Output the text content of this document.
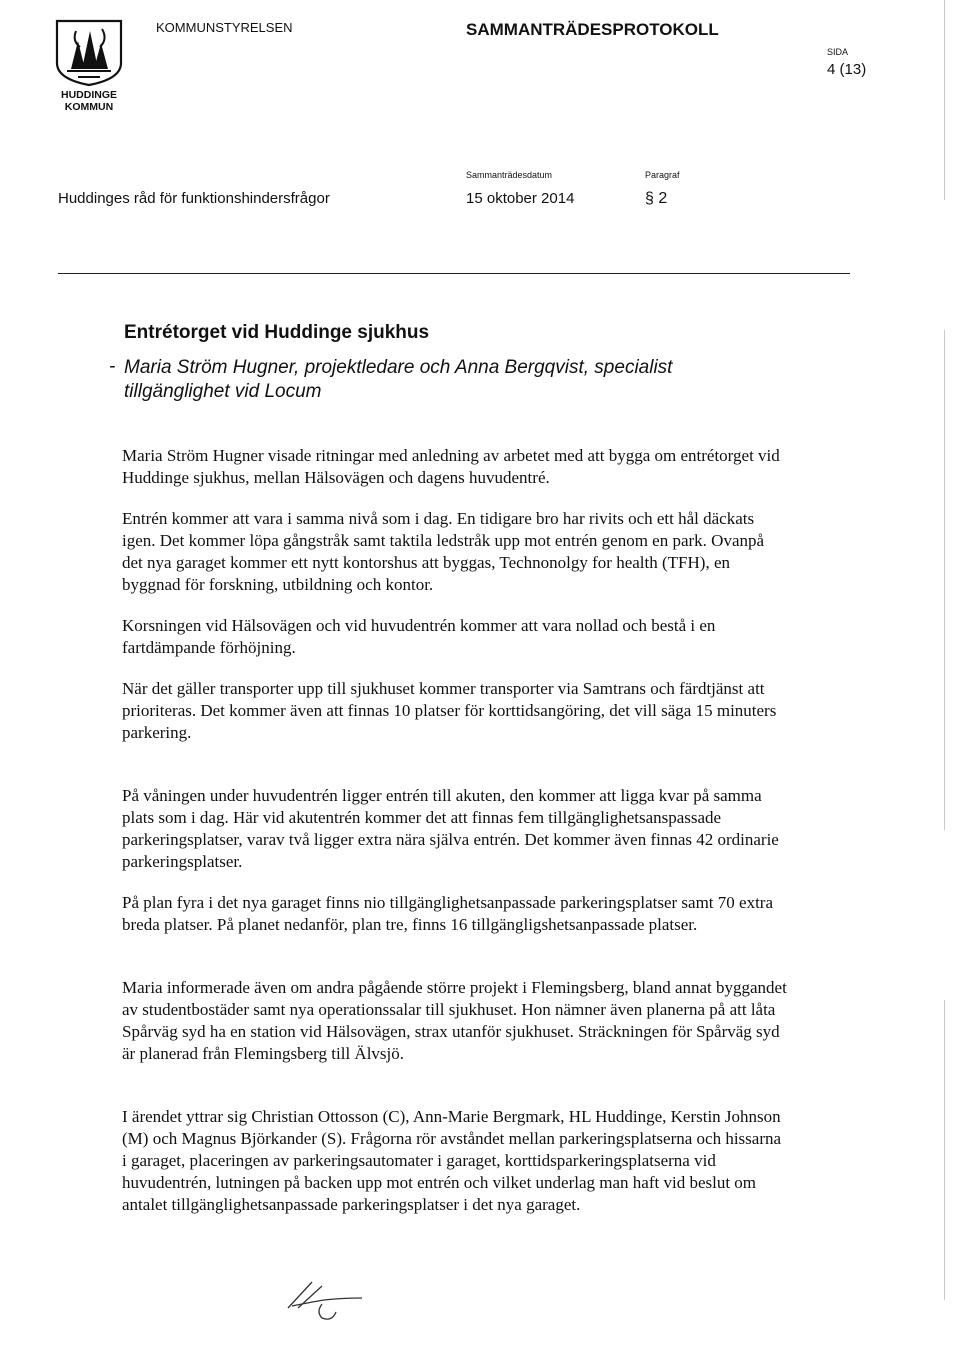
HUDDINGE
KOMMUN
KOMMUNSTYRELSEN	SAMMANTRÄDESPROTOKOLL
SIDA
4 (13)
Huddinges råd för funktionshindersfrågor
Sammanträdesdatum
15 oktober 2014
Paragraf
§ 2
Entrétorget vid Huddinge sjukhus
- Maria Ström Hugner, projektledare och Anna Bergqvist, specialist tillgänglighet vid Locum

Maria Ström Hugner visade ritningar med anledning av arbetet med att bygga om entrétorget vid Huddinge sjukhus, mellan Hälsovägen och dagens huvudentré.

Entrén kommer att vara i samma nivå som i dag. En tidigare bro har rivits och ett hål däckats igen. Det kommer löpa gångstråk samt taktila ledstråk upp mot entrén genom en park. Ovanpå det nya garaget kommer ett nytt kontorshus att byggas, Technonolgy for health (TFH), en byggnad för forskning, utbildning och kontor.

Korsningen vid Hälsovägen och vid huvudentrén kommer att vara nollad och bestå i en fartdämpande förhöjning.

När det gäller transporter upp till sjukhuset kommer transporter via Samtrans och färdtjänst att prioriteras. Det kommer även att finnas 10 platser för korttidsangöring, det vill säga 15 minuters parkering.

På våningen under huvudentrén ligger entrén till akuten, den kommer att ligga kvar på samma plats som i dag. Här vid akutentrén kommer det att finnas fem tillgänglighetsanspassade parkeringsplatser, varav två ligger extra nära själva entrén. Det kommer även finnas 42 ordinarie parkeringsplatser.

På plan fyra i det nya garaget finns nio tillgänglighetsanpassade parkeringsplatser samt 70 extra breda platser. På planet nedanför, plan tre, finns 16 tillgängligshetsanpassade platser.

Maria informerade även om andra pågående större projekt i Flemingsberg, bland annat byggandet av studentbostäder samt nya operationssalar till sjukhuset. Hon nämner även planerna på att låta Spårväg syd ha en station vid Hälsovägen, strax utanför sjukhuset. Sträckningen för Spårväg syd är planerad från Flemingsberg till Älvsjö.

I ärendet yttrar sig Christian Ottosson (C), Ann-Marie Bergmark, HL Huddinge, Kerstin Johnson (M) och Magnus Björkander (S). Frågorna rör avståndet mellan parkeringsplatserna och hissarna i garaget, placeringen av parkeringsautomater i garaget, korttidsparkeringsplatserna vid huvudentrén, lutningen på backen upp mot entrén och vilket underlag man haft vid beslut om antalet tillgänglighetsanpassade parkeringsplatser i det nya garaget.
